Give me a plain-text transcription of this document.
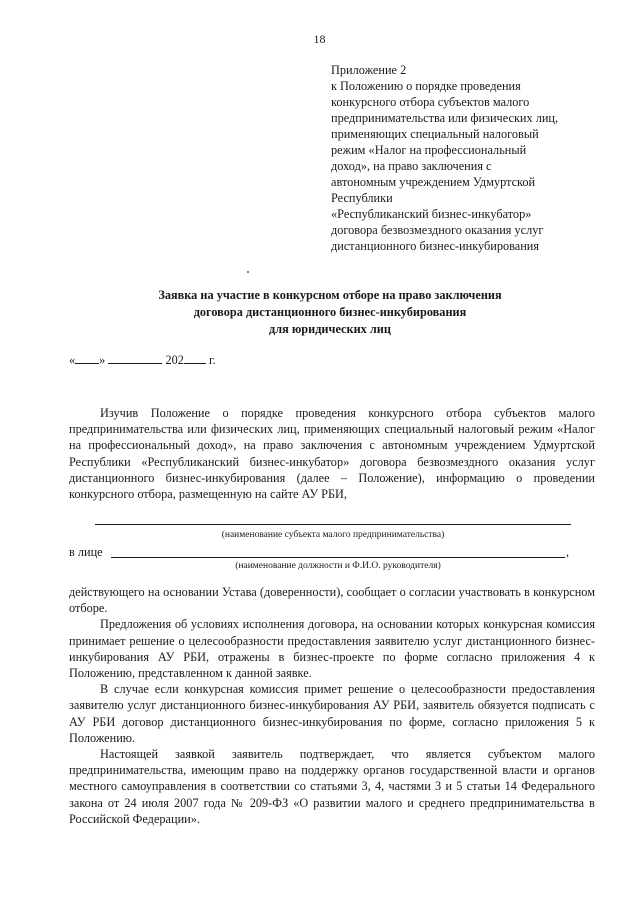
18
Приложение 2
к Положению о порядке проведения
конкурсного отбора субъектов малого
предпринимательства или физических лиц,
применяющих специальный налоговый
режим «Налог на профессиональный
доход», на право заключения с
автономным учреждением Удмуртской
Республики
«Республиканский бизнес-инкубатор»
договора безвозмездного оказания услуг
дистанционного бизнес-инкубирования
Заявка на участие в конкурсном отборе на право заключения
договора дистанционного бизнес-инкубирования
для юридических лиц
« »	202 г.

Изучив Положение о порядке проведения конкурсного отбора субъектов малого предпринимательства или физических лиц, применяющих специальный налоговый режим «Налог на профессиональный доход», на право заключения с автономным учреждением Удмуртской Республики «Республиканский бизнес-инкубатор» договора безвозмездного оказания услуг дистанционного бизнес-инкубирования (далее – Положение), информацию о проведении конкурсного отбора, размещенную на сайте АУ РБИ,

(наименование субъекта малого предпринимательства)
в лице	,
(наименование должности и Ф.И.О. руководителя)

действующего на основании Устава (доверенности), сообщает о согласии участвовать в конкурсном отборе.

Предложения об условиях исполнения договора, на основании которых конкурсная комиссия принимает решение о целесообразности предоставления заявителю услуг дистанционного бизнес-инкубирования АУ РБИ, отражены в бизнес-проекте по форме согласно приложения 4 к Положению, представленном к данной заявке.

В случае если конкурсная комиссия примет решение о целесообразности предоставления заявителю услуг дистанционного бизнес-инкубирования АУ РБИ, заявитель обязуется подписать с АУ РБИ договор дистанционного бизнес-инкубирования по форме, согласно приложения 5 к Положению.

Настоящей заявкой заявитель подтверждает, что является субъектом малого предпринимательства, имеющим право на поддержку органов государственной власти и органов местного самоуправления в соответствии со статьями 3, 4, частями 3 и 5 статьи 14 Федерального закона от 24 июля 2007 года № 209-ФЗ «О развитии малого и среднего предпринимательства в Российской Федерации».
